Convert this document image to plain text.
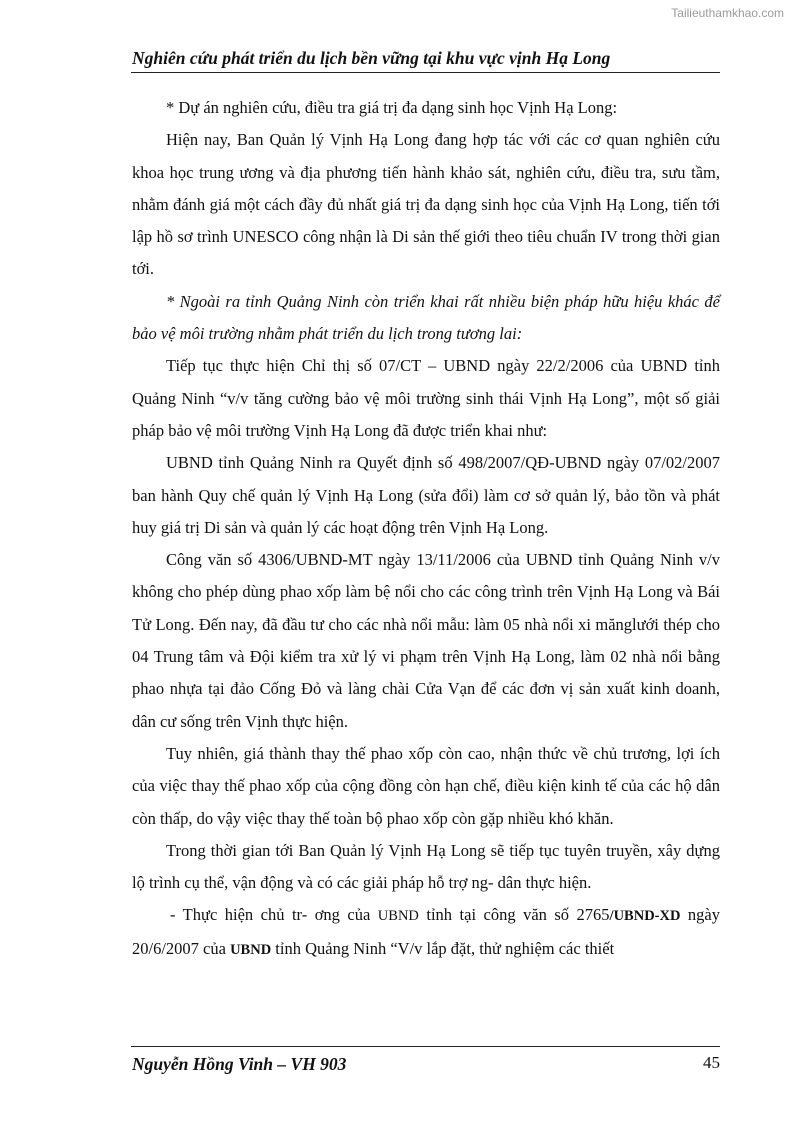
Tailieuthamkhao.com
Nghiên cứu phát triển du lịch bền vững tại khu vực vịnh Hạ Long

* Dự án nghiên cứu, điều tra giá trị đa dạng sinh học Vịnh Hạ Long:

Hiện nay, Ban Quản lý Vịnh Hạ Long đang hợp tác với các cơ quan nghiên cứu khoa học trung ương và địa phương tiến hành khảo sát, nghiên cứu, điều tra, sưu tầm, nhằm đánh giá một cách đầy đủ nhất giá trị đa dạng sinh học của Vịnh Hạ Long, tiến tới lập hồ sơ trình UNESCO công nhận là Di sản thế giới theo tiêu chuẩn IV trong thời gian tới.

* Ngoài ra tỉnh Quảng Ninh còn triển khai rất nhiều biện pháp hữu hiệu khác để bảo vệ môi trường nhằm phát triển du lịch trong tương lai:

Tiếp tục thực hiện Chỉ thị số 07/CT – UBND ngày 22/2/2006 của UBND tỉnh Quảng Ninh “v/v tăng cường bảo vệ môi trường sinh thái Vịnh Hạ Long”, một số giải pháp bảo vệ môi trường Vịnh Hạ Long đã được triển khai như:

UBND tỉnh Quảng Ninh ra Quyết định số 498/2007/QĐ-UBND ngày 07/02/2007 ban hành Quy chế quản lý Vịnh Hạ Long (sửa đổi) làm cơ sở quản lý, bảo tồn và phát huy giá trị Di sản và quản lý các hoạt động trên Vịnh Hạ Long.

Công văn số 4306/UBND-MT ngày 13/11/2006 của UBND tỉnh Quảng Ninh v/v không cho phép dùng phao xốp làm bệ nổi cho các công trình trên Vịnh Hạ Long và Bái Tử Long. Đến nay, đã đầu tư cho các nhà nổi mẫu: làm 05 nhà nổi xi mănglưới thép cho 04 Trung tâm và Đội kiểm tra xử lý vi phạm trên Vịnh Hạ Long, làm 02 nhà nổi bằng phao nhựa tại đảo Cống Đỏ và làng chài Cửa Vạn để các đơn vị sản xuất kinh doanh, dân cư sống trên Vịnh thực hiện.

Tuy nhiên, giá thành thay thế phao xốp còn cao, nhận thức về chủ trương, lợi ích của việc thay thế phao xốp của cộng đồng còn hạn chế, điều kiện kinh tế của các hộ dân còn thấp, do vậy việc thay thế toàn bộ phao xốp còn gặp nhiều khó khăn.

Trong thời gian tới Ban Quản lý Vịnh Hạ Long sẽ tiếp tục tuyên truyền, xây dựng lộ trình cụ thể, vận động và có các giải pháp hỗ trợ ng- dân thực hiện.

- Thực hiện chủ tr- ơng của UBND tỉnh tại công văn số 2765/UBND-XD ngày 20/6/2007 của UBND tỉnh Quảng Ninh “V/v lắp đặt, thử nghiệm các thiết

Nguyễn Hồng Vinh – VH 903	45
